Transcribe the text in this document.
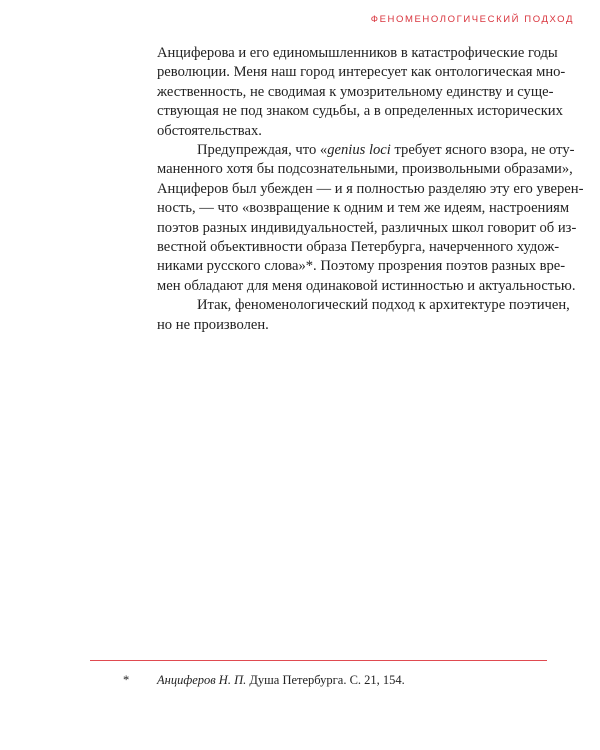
ФЕНОМЕНОЛОГИЧЕСКИЙ ПОДХОД
Анциферова и его единомышленников в катастрофические годы
революции. Меня наш город интересует как онтологическая мно-
жественность, не сводимая к умозрительному единству и суще-
ствующая не под знаком судьбы, а в определенных исторических
обстоятельствах.
Предупреждая, что «genius loci требует ясного взора, не оту-
маненного хотя бы подсознательными, произвольными образами»,
Анциферов был убежден — и я полностью разделяю эту его уверен-
ность, — что «возвращение к одним и тем же идеям, настроениям
поэтов разных индивидуальностей, различных школ говорит об из-
вестной объективности образа Петербурга, начерченного худож-
никами русского слова»*. Поэтому прозрения поэтов разных вре-
мен обладают для меня одинаковой истинностью и актуальностью.
Итак, феноменологический подход к архитектуре поэтичен,
но не произволен.
* Анциферов Н. П. Душа Петербурга. С. 21, 154.
